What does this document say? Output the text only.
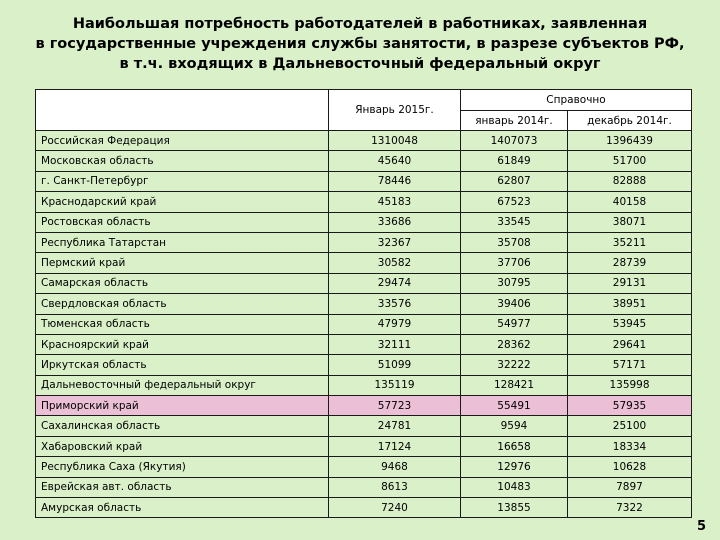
Наибольшая потребность работодателей в работниках, заявленная
в государственные учреждения службы занятости, в разрезе субъектов РФ,
в т.ч. входящих в Дальневосточный федеральный округ
	Январь 2015г.	Справочно	
		январь 2014г.	декабрь 2014г.
Российская Федерация	1310048	1407073	1396439
Московская область	45640	61849	51700
г. Санкт-Петербург	78446	62807	82888
Краснодарский край	45183	67523	40158
Ростовская область	33686	33545	38071
Республика Татарстан	32367	35708	35211
Пермский край	30582	37706	28739
Самарская область	29474	30795	29131
Свердловская область	33576	39406	38951
Тюменская область	47979	54977	53945
Красноярский край	32111	28362	29641
Иркутская область	51099	32222	57171
Дальневосточный федеральный округ	135119	128421	135998
Приморский край	57723	55491	57935
Сахалинская область	24781	9594	25100
Хабаровский край	17124	16658	18334
Республика Саха (Якутия)	9468	12976	10628
Еврейская авт. область	8613	10483	7897
Амурская область	7240	13855	7322
5
